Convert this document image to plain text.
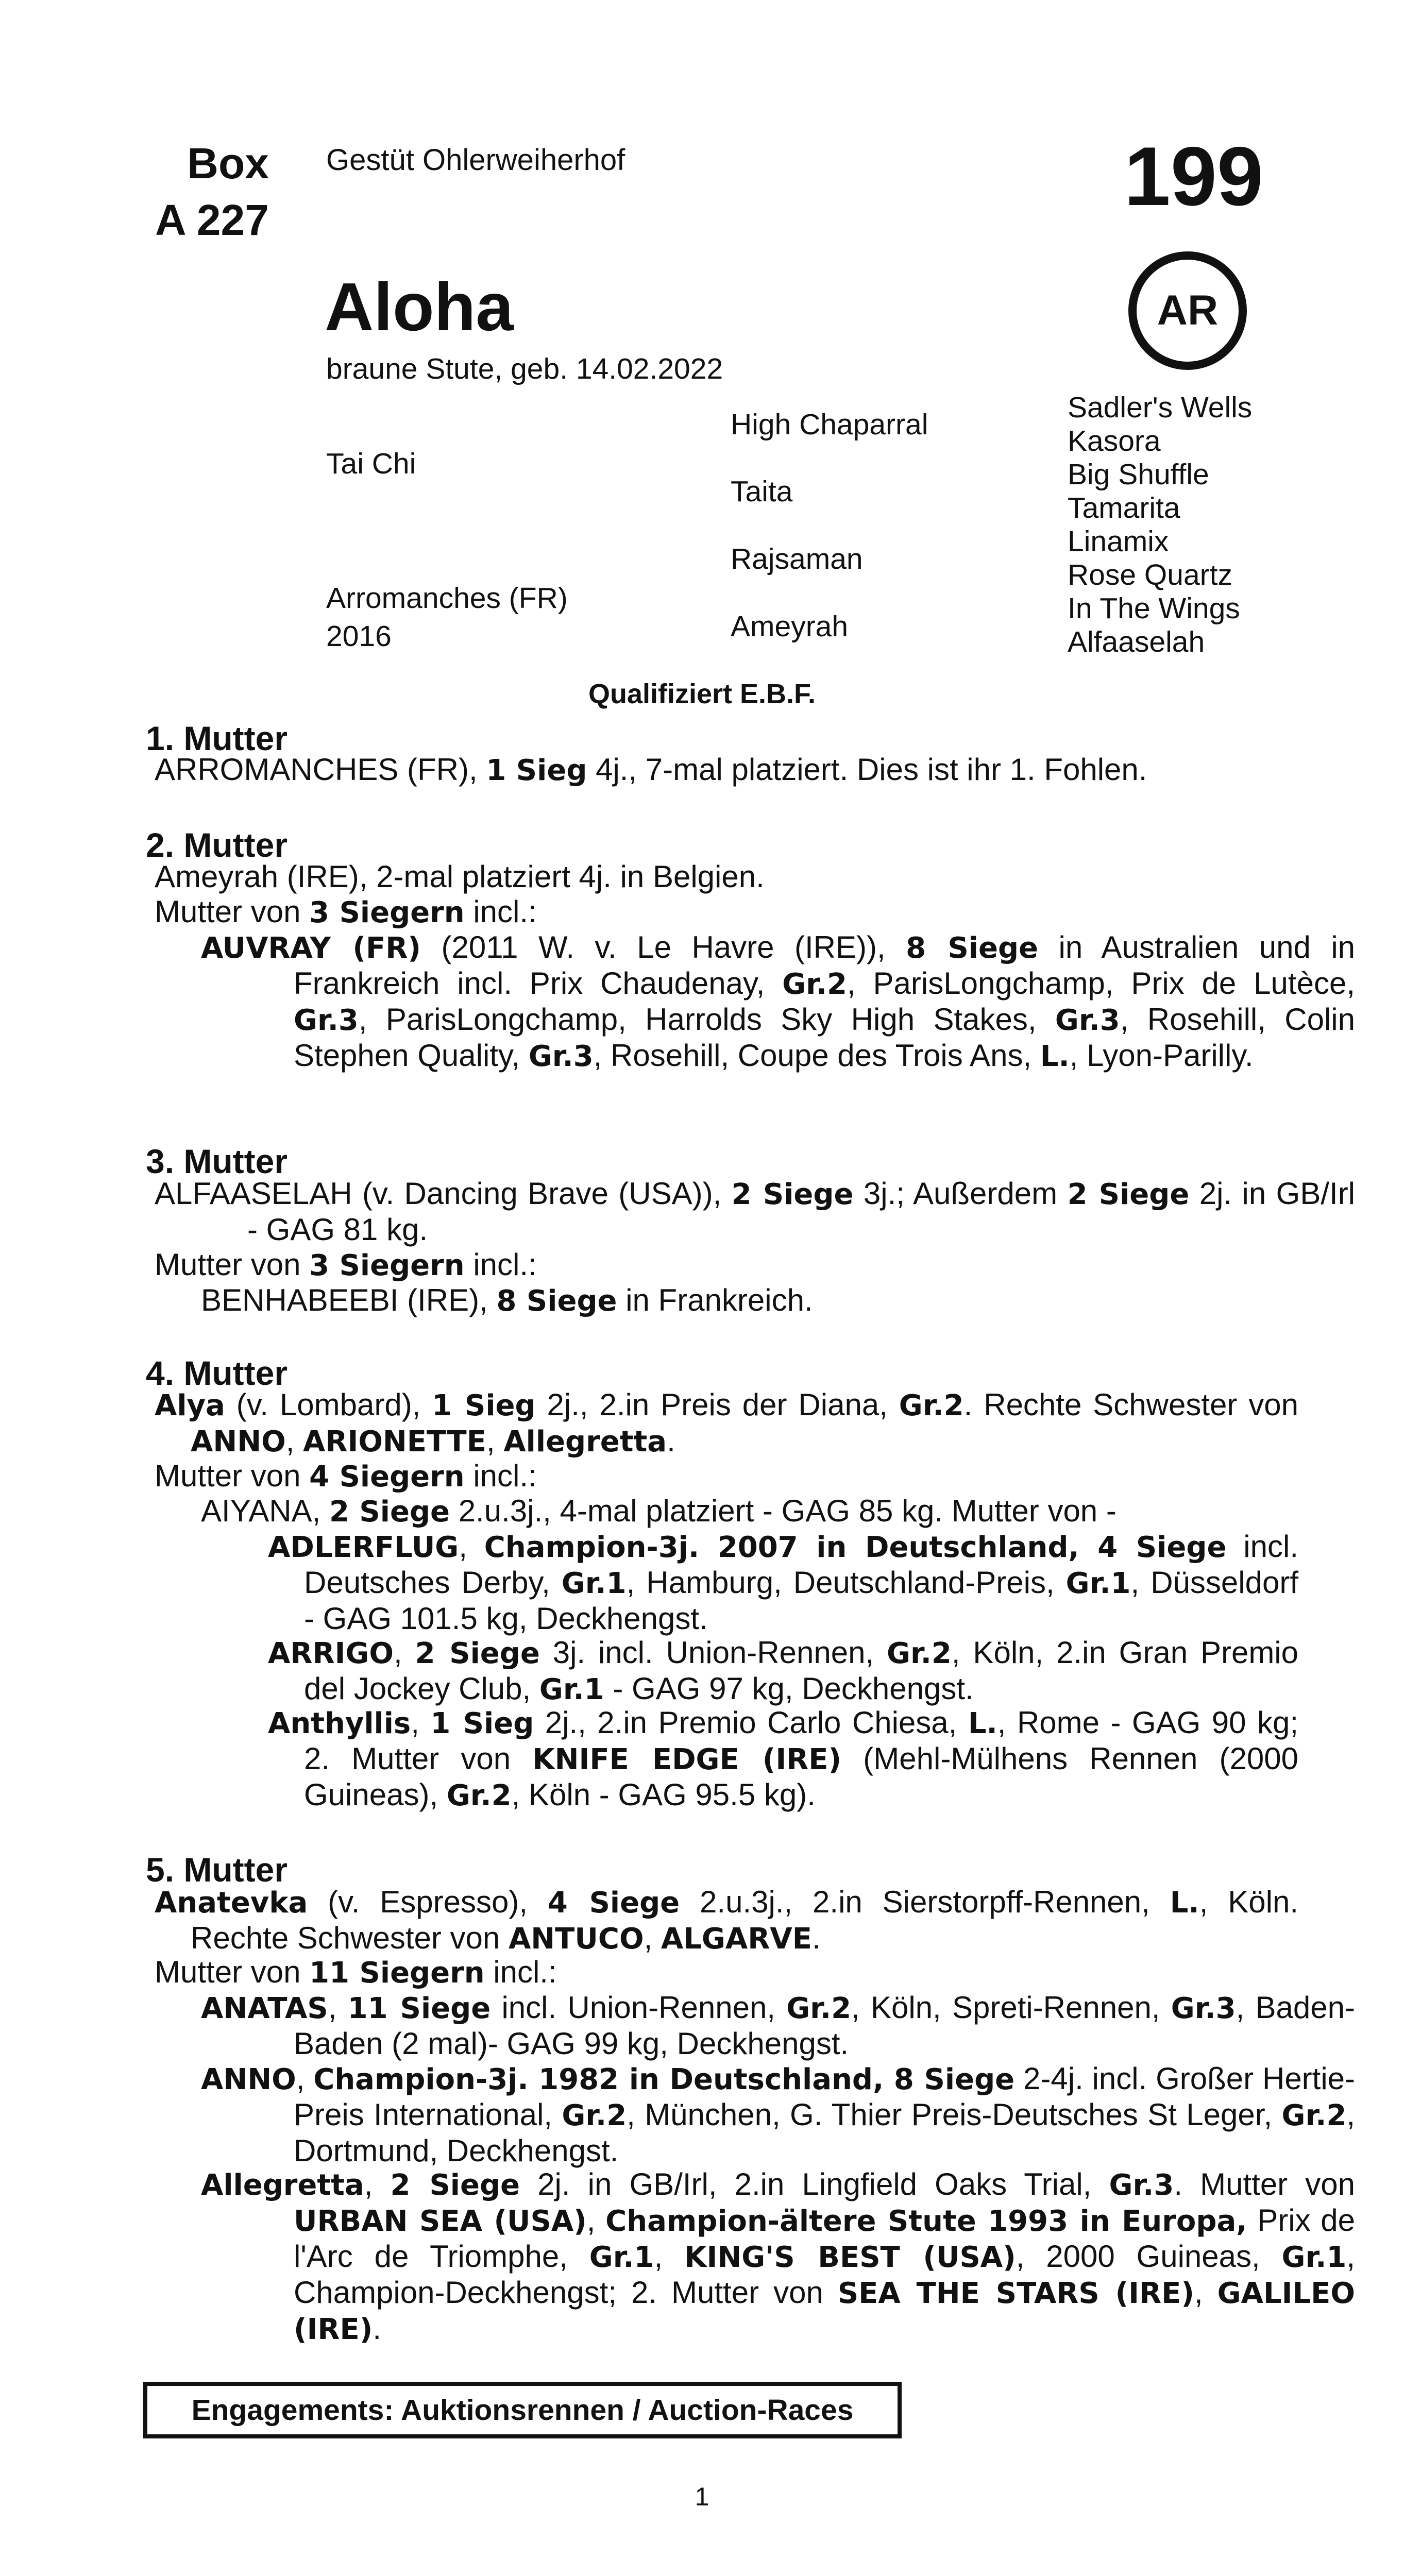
Box
A 227
Gestüt Ohlerweiherhof	199
Aloha
braune Stute, geb. 14.02.2022
AR
Tai Chi
Arromanches (FR)
2016
High Chaparral
Taita
Rajsaman
Ameyrah
Sadler's Wells
Kasora
Big Shuffle
Tamarita
Linamix
Rose Quartz
In The Wings
Alfaaselah
Qualifiziert E.B.F.
1. Mutter
ARROMANCHES (FR), 1 Sieg 4j., 7-mal platziert. Dies ist ihr 1. Fohlen.
2. Mutter
Ameyrah (IRE), 2-mal platziert 4j. in Belgien.
Mutter von 3 Siegern incl.:
AUVRAY (FR) (2011 W. v. Le Havre (IRE)), 8 Siege in Australien und in Frankreich incl. Prix Chaudenay, Gr.2, ParisLongchamp, Prix de Lutèce, Gr.3, ParisLongchamp, Harrolds Sky High Stakes, Gr.3, Rosehill, Colin Stephen Quality, Gr.3, Rosehill, Coupe des Trois Ans, L., Lyon-Parilly.
3. Mutter
ALFAASELAH (v. Dancing Brave (USA)), 2 Siege 3j.; Außerdem 2 Siege 2j. in GB/Irl - GAG 81 kg.
Mutter von 3 Siegern incl.:
BENHABEEBI (IRE), 8 Siege in Frankreich.
4. Mutter
Alya (v. Lombard), 1 Sieg 2j., 2.in Preis der Diana, Gr.2. Rechte Schwester von ANNO, ARIONETTE, Allegretta.
Mutter von 4 Siegern incl.:
AIYANA, 2 Siege 2.u.3j., 4-mal platziert - GAG 85 kg. Mutter von -
ADLERFLUG, Champion-3j. 2007 in Deutschland, 4 Siege incl. Deutsches Derby, Gr.1, Hamburg, Deutschland-Preis, Gr.1, Düsseldorf - GAG 101.5 kg, Deckhengst.
ARRIGO, 2 Siege 3j. incl. Union-Rennen, Gr.2, Köln, 2.in Gran Premio del Jockey Club, Gr.1 - GAG 97 kg, Deckhengst.
Anthyllis, 1 Sieg 2j., 2.in Premio Carlo Chiesa, L., Rome - GAG 90 kg; 2. Mutter von KNIFE EDGE (IRE) (Mehl-Mülhens Rennen (2000 Guineas), Gr.2, Köln - GAG 95.5 kg).
5. Mutter
Anatevka (v. Espresso), 4 Siege 2.u.3j., 2.in Sierstorpff-Rennen, L., Köln. Rechte Schwester von ANTUCO, ALGARVE.
Mutter von 11 Siegern incl.:
ANATAS, 11 Siege incl. Union-Rennen, Gr.2, Köln, Spreti-Rennen, Gr.3, Baden-Baden (2 mal)- GAG 99 kg, Deckhengst.
ANNO, Champion-3j. 1982 in Deutschland, 8 Siege 2-4j. incl. Großer Hertie-Preis International, Gr.2, München, G. Thier Preis-Deutsches St Leger, Gr.2, Dortmund, Deckhengst.
Allegretta, 2 Siege 2j. in GB/Irl, 2.in Lingfield Oaks Trial, Gr.3. Mutter von URBAN SEA (USA), Champion-ältere Stute 1993 in Europa, Prix de l'Arc de Triomphe, Gr.1, KING'S BEST (USA), 2000 Guineas, Gr.1, Champion-Deckhengst; 2. Mutter von SEA THE STARS (IRE), GALILEO (IRE).
Engagements: Auktionsrennen / Auction-Races
1
